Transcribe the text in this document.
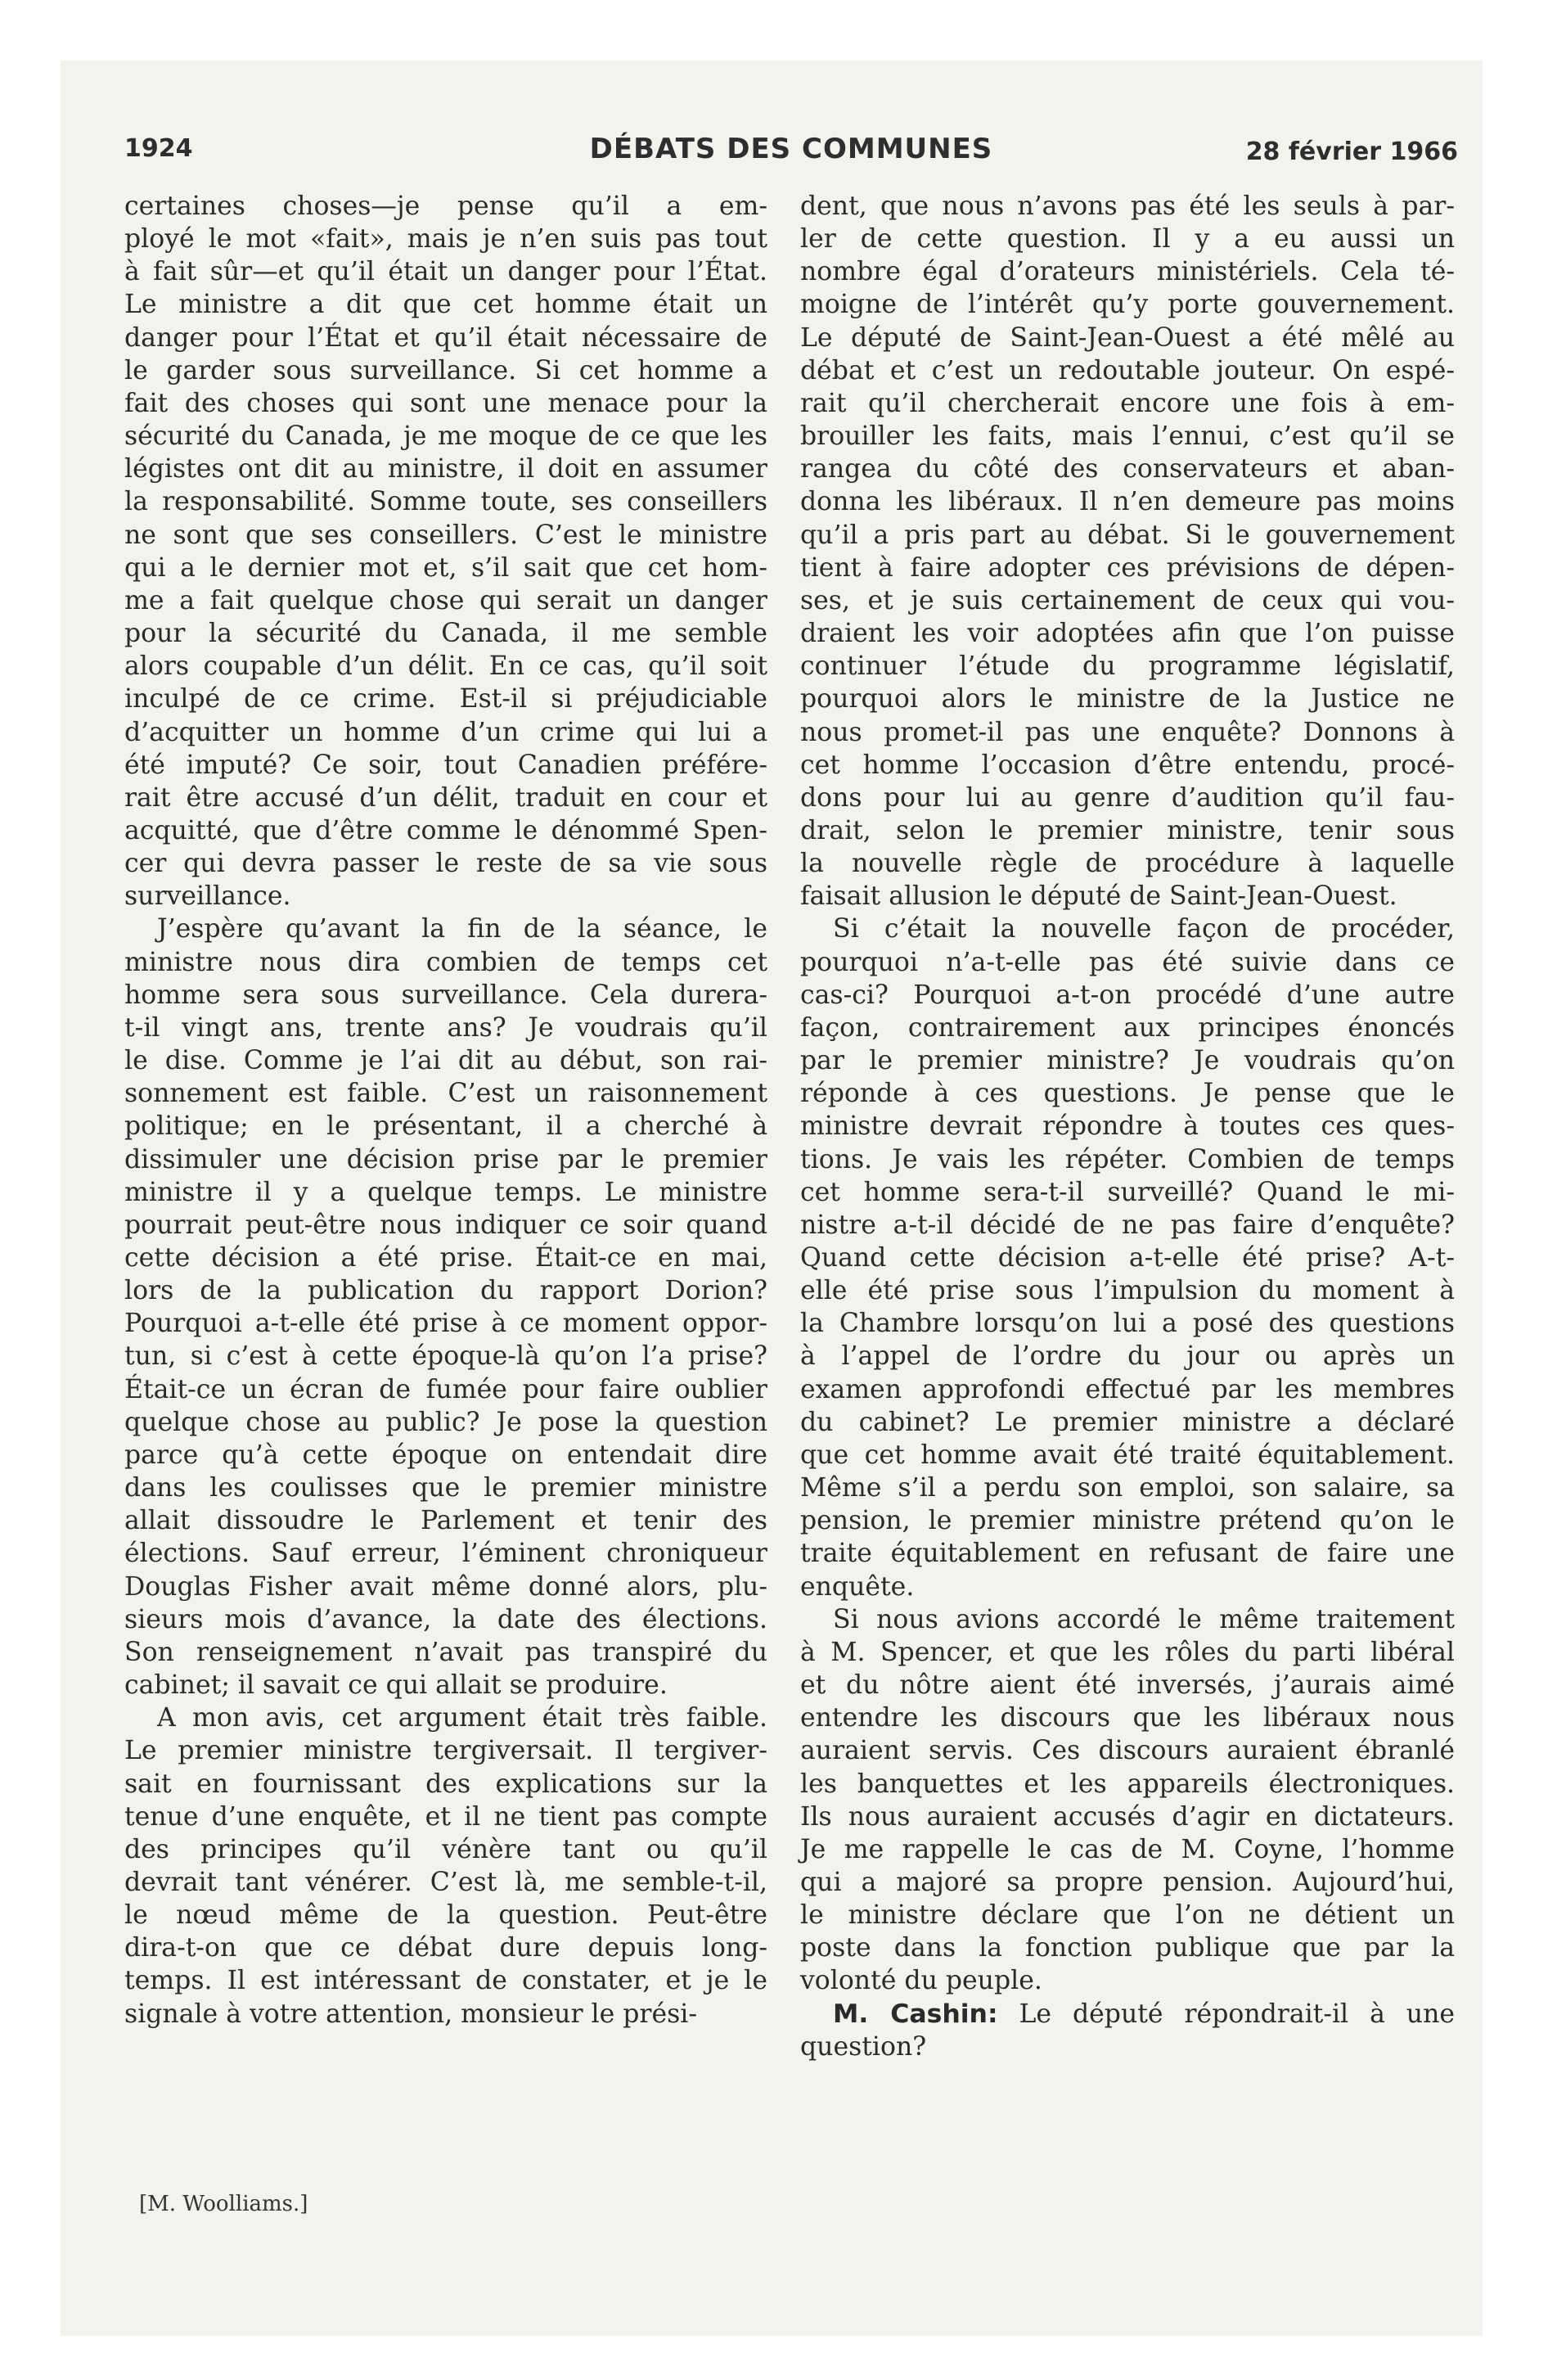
1924	DÉBATS DES COMMUNES	28 février 1966

certaines choses—je pense qu’il a em-

ployé le mot «fait», mais je n’en suis pas tout

à fait sûr—et qu’il était un danger pour l’État.

Le ministre a dit que cet homme était un

danger pour l’État et qu’il était nécessaire de

le garder sous surveillance. Si cet homme a

fait des choses qui sont une menace pour la

sécurité du Canada, je me moque de ce que les

légistes ont dit au ministre, il doit en assumer

la responsabilité. Somme toute, ses conseillers

ne sont que ses conseillers. C’est le ministre

qui a le dernier mot et, s’il sait que cet hom-

me a fait quelque chose qui serait un danger

pour la sécurité du Canada, il me semble

alors coupable d’un délit. En ce cas, qu’il soit

inculpé de ce crime. Est-il si préjudiciable

d’acquitter un homme d’un crime qui lui a

été imputé? Ce soir, tout Canadien préfére-

rait être accusé d’un délit, traduit en cour et

acquitté, que d’être comme le dénommé Spen-

cer qui devra passer le reste de sa vie sous

surveillance.

J’espère qu’avant la fin de la séance, le

ministre nous dira combien de temps cet

homme sera sous surveillance. Cela durera-

t-il vingt ans, trente ans? Je voudrais qu’il

le dise. Comme je l’ai dit au début, son rai-

sonnement est faible. C’est un raisonnement

politique; en le présentant, il a cherché à

dissimuler une décision prise par le premier

ministre il y a quelque temps. Le ministre

pourrait peut-être nous indiquer ce soir quand

cette décision a été prise. Était-ce en mai,

lors de la publication du rapport Dorion?

Pourquoi a-t-elle été prise à ce moment oppor-

tun, si c’est à cette époque-là qu’on l’a prise?

Était-ce un écran de fumée pour faire oublier

quelque chose au public? Je pose la question

parce qu’à cette époque on entendait dire

dans les coulisses que le premier ministre

allait dissoudre le Parlement et tenir des

élections. Sauf erreur, l’éminent chroniqueur

Douglas Fisher avait même donné alors, plu-

sieurs mois d’avance, la date des élections.

Son renseignement n’avait pas transpiré du

cabinet; il savait ce qui allait se produire.

A mon avis, cet argument était très faible.

Le premier ministre tergiversait. Il tergiver-

sait en fournissant des explications sur la

tenue d’une enquête, et il ne tient pas compte

des principes qu’il vénère tant ou qu’il

devrait tant vénérer. C’est là, me semble-t-il,

le nœud même de la question. Peut-être

dira-t-on que ce débat dure depuis long-

temps. Il est intéressant de constater, et je le

signale à votre attention, monsieur le prési-

dent, que nous n’avons pas été les seuls à par-

ler de cette question. Il y a eu aussi un

nombre égal d’orateurs ministériels. Cela té-

moigne de l’intérêt qu’y porte gouvernement.

Le député de Saint-Jean-Ouest a été mêlé au

débat et c’est un redoutable jouteur. On espé-

rait qu’il chercherait encore une fois à em-

brouiller les faits, mais l’ennui, c’est qu’il se

rangea du côté des conservateurs et aban-

donna les libéraux. Il n’en demeure pas moins

qu’il a pris part au débat. Si le gouvernement

tient à faire adopter ces prévisions de dépen-

ses, et je suis certainement de ceux qui vou-

draient les voir adoptées afin que l’on puisse

continuer l’étude du programme législatif,

pourquoi alors le ministre de la Justice ne

nous promet-il pas une enquête? Donnons à

cet homme l’occasion d’être entendu, procé-

dons pour lui au genre d’audition qu’il fau-

drait, selon le premier ministre, tenir sous

la nouvelle règle de procédure à laquelle

faisait allusion le député de Saint-Jean-Ouest.

Si c’était la nouvelle façon de procéder,

pourquoi n’a-t-elle pas été suivie dans ce

cas-ci? Pourquoi a-t-on procédé d’une autre

façon, contrairement aux principes énoncés

par le premier ministre? Je voudrais qu’on

réponde à ces questions. Je pense que le

ministre devrait répondre à toutes ces ques-

tions. Je vais les répéter. Combien de temps

cet homme sera-t-il surveillé? Quand le mi-

nistre a-t-il décidé de ne pas faire d’enquête?

Quand cette décision a-t-elle été prise? A-t-

elle été prise sous l’impulsion du moment à

la Chambre lorsqu’on lui a posé des questions

à l’appel de l’ordre du jour ou après un

examen approfondi effectué par les membres

du cabinet? Le premier ministre a déclaré

que cet homme avait été traité équitablement.

Même s’il a perdu son emploi, son salaire, sa

pension, le premier ministre prétend qu’on le

traite équitablement en refusant de faire une

enquête.

Si nous avions accordé le même traitement

à M. Spencer, et que les rôles du parti libéral

et du nôtre aient été inversés, j’aurais aimé

entendre les discours que les libéraux nous

auraient servis. Ces discours auraient ébranlé

les banquettes et les appareils électroniques.

Ils nous auraient accusés d’agir en dictateurs.

Je me rappelle le cas de M. Coyne, l’homme

qui a majoré sa propre pension. Aujourd’hui,

le ministre déclare que l’on ne détient un

poste dans la fonction publique que par la

volonté du peuple.

M. Cashin: Le député répondrait-il à une

question?

[M. Woolliams.]
